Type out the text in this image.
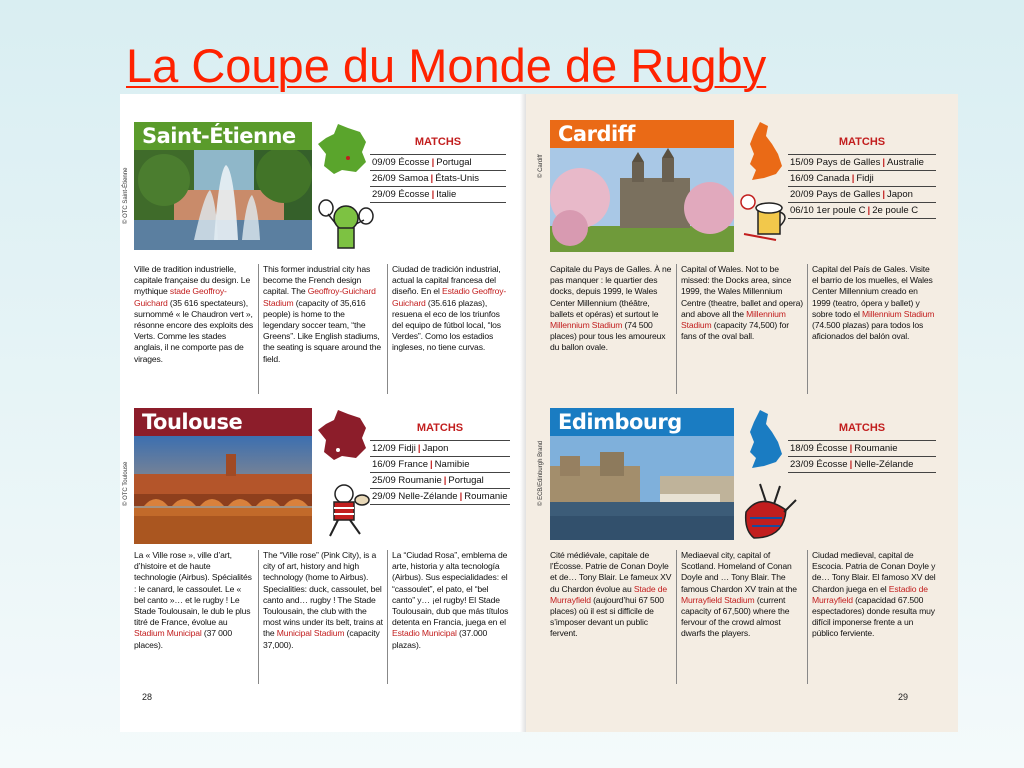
La Coupe du Monde de Rugby
Saint-Étienne
© OTC Saint-Étienne
MATCHS
09/09 Écosse | Portugal
26/09 Samoa | États-Unis
29/09 Écosse | Italie
Ville de tradition industrielle, capitale française du design. Le mythique stade Geoffroy-Guichard (35 616 spectateurs), surnommé « le Chaudron vert », résonne encore des exploits des Verts. Comme les stades anglais, il ne comporte pas de virages.
This former industrial city has become the French design capital. The Geoffroy-Guichard Stadium (capacity of 35,616 people) is home to the legendary soccer team, “the Greens”. Like English stadiums, the seating is square around the field.
Ciudad de tradición industrial, actual la capital francesa del diseño. En el Estadio Geoffroy-Guichard (35.616 plazas), resuena el eco de los triunfos del equipo de fútbol local, “los Verdes”. Como los estadios ingleses, no tiene curvas.
Toulouse
© OTC Toulouse
MATCHS
12/09 Fidji | Japon
16/09 France | Namibie
25/09 Roumanie | Portugal
29/09 Nelle-Zélande | Roumanie
La « Ville rose », ville d’art, d’histoire et de haute technologie (Airbus). Spécialités : le canard, le cassoulet. Le « bel canto »… et le rugby ! Le Stade Toulousain, le dub le plus titré de France, évolue au Stadium Municipal (37 000 places).
The “Ville rose” (Pink City), is a city of art, history and high technology (home to Airbus). Specialities: duck, cassoulet, bel canto and… rugby ! The Stade Toulousain, the club with the most wins under its belt, trains at the Municipal Stadium (capacity 37,000).
La “Ciudad Rosa”, emblema de arte, historia y alta tecnología (Airbus). Sus especialidades: el “cassoulet”, el pato, el “bel canto” y… ¡el rugby! El Stade Toulousain, dub que más títulos detenta en Francia, juega en el Estadio Municipal (37.000 plazas).
28
Cardiff
© Cardiff
MATCHS
15/09 Pays de Galles | Australie
16/09 Canada | Fidji
20/09 Pays de Galles | Japon
06/10 1er poule C | 2e poule C
Capitale du Pays de Galles. À ne pas manquer : le quartier des docks, depuis 1999, le Wales Center Millennium (théâtre, ballets et opéras) et surtout le Millennium Stadium (74 500 places) pour tous les amoureux du ballon ovale.
Capital of Wales. Not to be missed: the Docks area, since 1999, the Wales Millennium Centre (theatre, ballet and opera) and above all the Millennium Stadium (capacity 74,500) for fans of the oval ball.
Capital del País de Gales. Visite el barrio de los muelles, el Wales Center Millennium creado en 1999 (teatro, ópera y ballet) y sobre todo el Millennium Stadium (74.500 plazas) para todos los aficionados del balón oval.
Edimbourg
© ECB/Edinburgh Brand
MATCHS
18/09 Écosse | Roumanie
23/09 Écosse | Nelle-Zélande
Cité médiévale, capitale de l’Écosse. Patrie de Conan Doyle et de… Tony Blair. Le fameux XV du Chardon évolue au Stade de Murrayfield (aujourd’hui 67 500 places) où il est si difficile de s’imposer devant un public fervent.
Mediaeval city, capital of Scotland. Homeland of Conan Doyle and … Tony Blair. The famous Chardon XV train at the Murrayfield Stadium (current capacity of 67,500) where the fervour of the crowd almost dwarfs the players.
Ciudad medieval, capital de Escocia. Patria de Conan Doyle y de… Tony Blair. El famoso XV del Chardon juega en el Estadio de Murrayfield (capacidad 67.500 espectadores) donde resulta muy difícil imponerse frente a un público ferviente.
29
